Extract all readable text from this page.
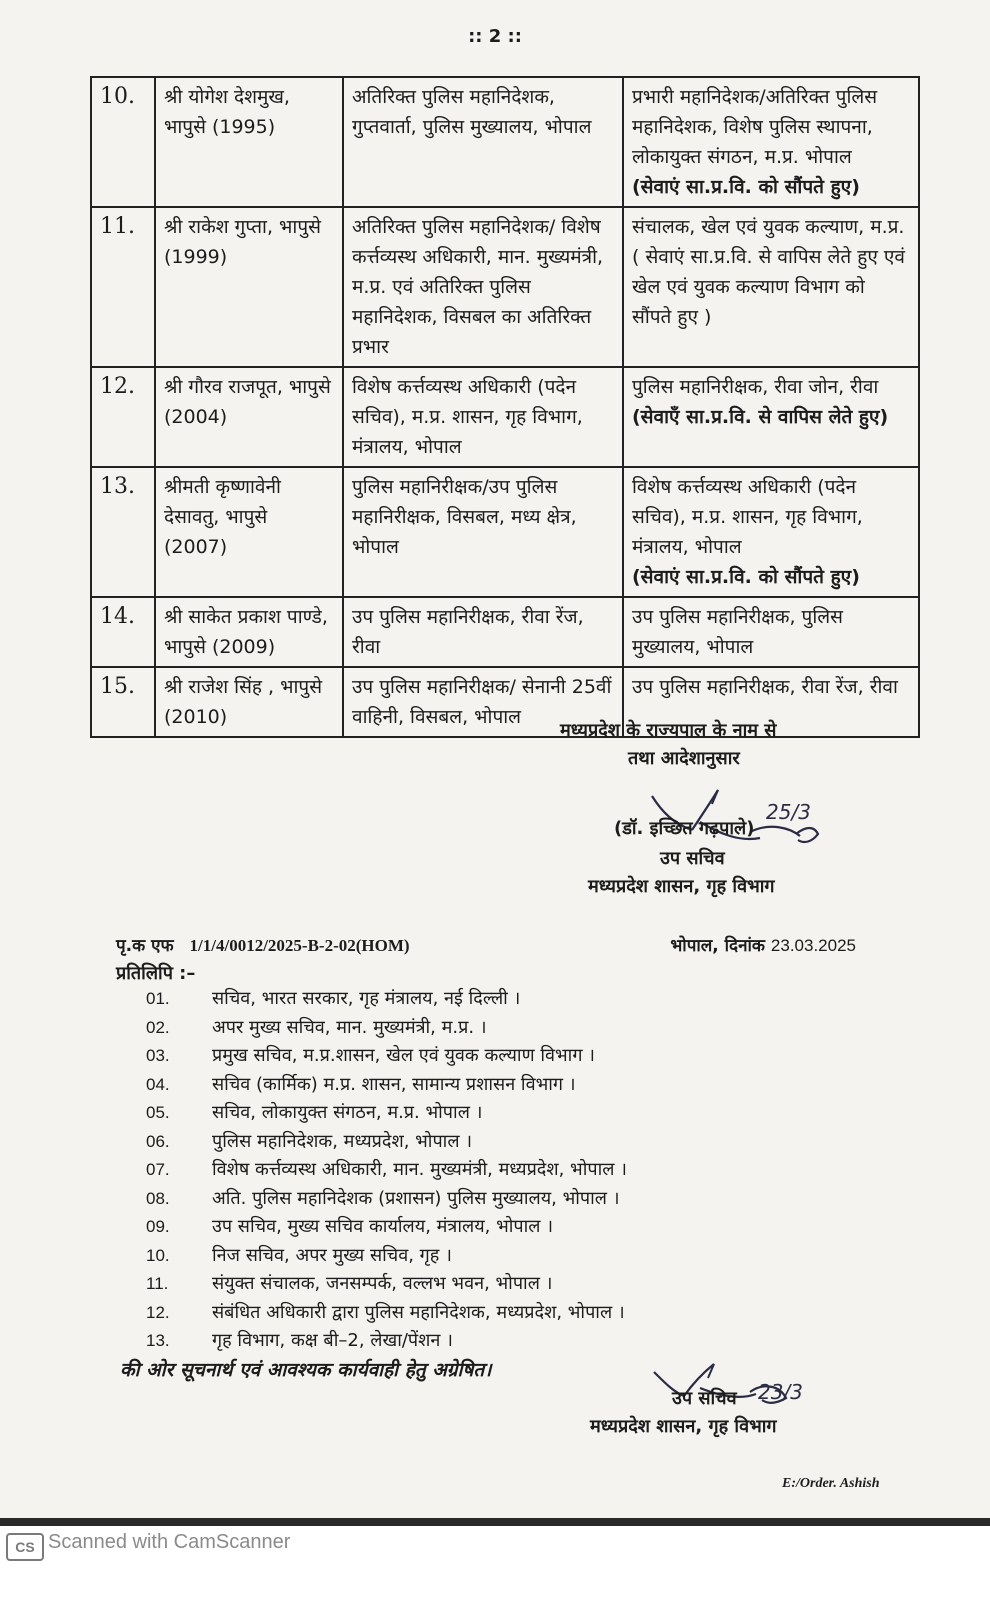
:: 2 ::
10.	श्री योगेश देशमुख, भापुसे (1995)	अतिरिक्त पुलिस महानिदेशक, गुप्तवार्ता, पुलिस मुख्यालय, भोपाल	प्रभारी महानिदेशक/अतिरिक्त पुलिस महानिदेशक, विशेष पुलिस स्थापना, लोकायुक्त संगठन, म.प्र. भोपाल
(सेवाएं सा.प्र.वि. को सौंपते हुए)

11.	श्री राकेश गुप्ता, भापुसे (1999)	अतिरिक्त पुलिस महानिदेशक/ विशेष कर्त्तव्यस्थ अधिकारी, मान. मुख्यमंत्री, म.प्र. एवं अतिरिक्त पुलिस महानिदेशक, विसबल का अतिरिक्त प्रभार	संचालक, खेल एवं युवक कल्याण, म.प्र. ( सेवाएं सा.प्र.वि. से वापिस लेते हुए एवं खेल एवं युवक कल्याण विभाग को सौंपते हुए )
12.	श्री गौरव राजपूत, भापुसे (2004)	विशेष कर्त्तव्यस्थ अधिकारी (पदेन सचिव), म.प्र. शासन, गृह विभाग, मंत्रालय, भोपाल	पुलिस महानिरीक्षक, रीवा जोन, रीवा
(सेवाएँ सा.प्र.वि. से वापिस लेते हुए)

13.	श्रीमती कृष्णावेनी देसावतु, भापुसे (2007)	पुलिस महानिरीक्षक/उप पुलिस महानिरीक्षक, विसबल, मध्य क्षेत्र, भोपाल	विशेष कर्त्तव्यस्थ अधिकारी (पदेन सचिव), म.प्र. शासन, गृह विभाग, मंत्रालय, भोपाल
(सेवाएं सा.प्र.वि. को सौंपते हुए)

14.	श्री साकेत प्रकाश पाण्डे, भापुसे (2009)	उप पुलिस महानिरीक्षक, रीवा रेंज, रीवा	उप पुलिस महानिरीक्षक, पुलिस मुख्यालय, भोपाल
15.	श्री राजेश सिंह , भापुसे (2010)	उप पुलिस महानिरीक्षक/ सेनानी 25वीं वाहिनी, विसबल, भोपाल	उप पुलिस महानिरीक्षक, रीवा रेंज, रीवा
मध्यप्रदेश के राज्यपाल के नाम से
तथा आदेशानुसार
(डॉ. इच्छित गढ़पाले)
25/3
उप सचिव
मध्यप्रदेश शासन, गृह विभाग
पृ.क एफ 1/1/4/0012/2025-B-2-02(HOM)	भोपाल, दिनांक 23.03.2025
प्रतिलिपि :–
01. सचिव, भारत सरकार, गृह मंत्रालय, नई दिल्ली ।
02. अपर मुख्य सचिव, मान. मुख्यमंत्री, म.प्र. ।
03. प्रमुख सचिव, म.प्र.शासन, खेल एवं युवक कल्याण विभाग ।
04. सचिव (कार्मिक) म.प्र. शासन, सामान्य प्रशासन विभाग ।
05. सचिव, लोकायुक्त संगठन, म.प्र. भोपाल ।
06. पुलिस महानिदेशक, मध्यप्रदेश, भोपाल ।
07. विशेष कर्त्तव्यस्थ अधिकारी, मान. मुख्यमंत्री, मध्यप्रदेश, भोपाल ।
08. अति. पुलिस महानिदेशक (प्रशासन) पुलिस मुख्यालय, भोपाल ।
09. उप सचिव, मुख्य सचिव कार्यालय, मंत्रालय, भोपाल ।
10. निज सचिव, अपर मुख्य सचिव, गृह ।
11. संयुक्त संचालक, जनसम्पर्क, वल्लभ भवन, भोपाल ।
12. संबंधित अधिकारी द्वारा पुलिस महानिदेशक, मध्यप्रदेश, भोपाल ।
13. गृह विभाग, कक्ष बी–2, लेखा/पेंशन ।
की ओर सूचनार्थ एवं आवश्यक कार्यवाही हेतु अग्रेषित।
उप सचिव 23/3
मध्यप्रदेश शासन, गृह विभाग
E:/Order. Ashish
CS Scanned with CamScanner
